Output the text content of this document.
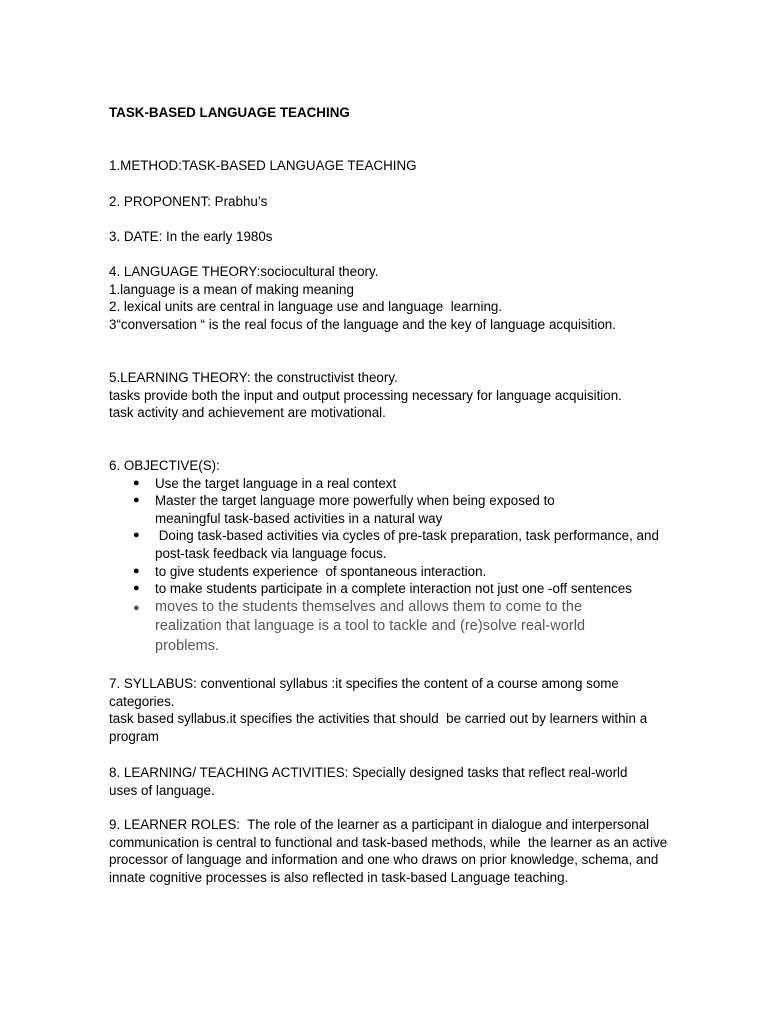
TASK-BASED LANGUAGE TEACHING
1.METHOD:TASK-BASED LANGUAGE TEACHING
2. PROPONENT: Prabhu’s
3. DATE: In the early 1980s
4. LANGUAGE THEORY:sociocultural theory.
1.language is a mean of making meaning
2. lexical units are central in language use and language  learning.
3“conversation “ is the real focus of the language and the key of language acquisition.
5.LEARNING THEORY: the constructivist theory.
tasks provide both the input and output processing necessary for language acquisition.
task activity and achievement are motivational.
6. OBJECTIVE(S):
● Use the target language in a real context
● Master the target language more powerfully when being exposed to meaningful task-based activities in a natural way
● Doing task-based activities via cycles of pre-task preparation, task performance, and post-task feedback via language focus.
● to give students experience  of spontaneous interaction.
● to make students participate in a complete interaction not just one -off sentences
● moves to the students themselves and allows them to come to the realization that language is a tool to tackle and (re)solve real-world problems.
7. SYLLABUS: conventional syllabus :it specifies the content of a course among some categories.
task based syllabus.it specifies the activities that should  be carried out by learners within a program
8. LEARNING/ TEACHING ACTIVITIES: Specially designed tasks that reflect real-world uses of language.
9. LEARNER ROLES:  The role of the learner as a participant in dialogue and interpersonal communication is central to functional and task-based methods, while  the learner as an active processor of language and information and one who draws on prior knowledge, schema, and innate cognitive processes is also reflected in task-based Language teaching.
